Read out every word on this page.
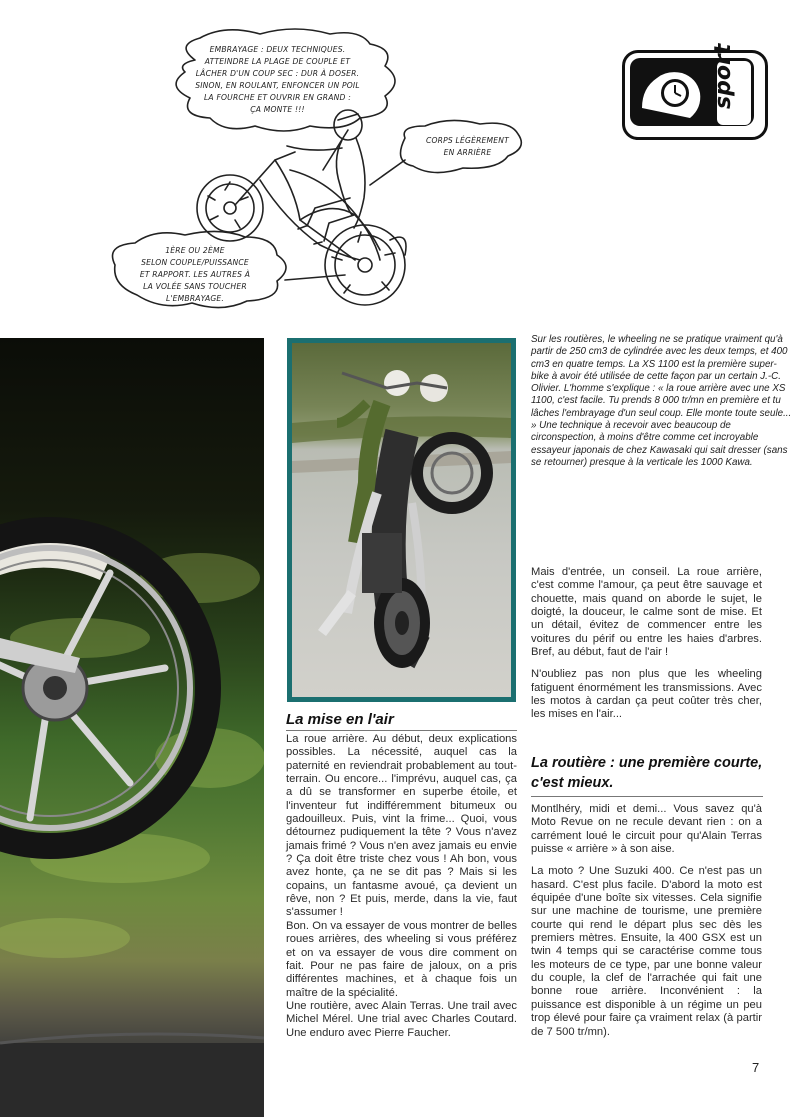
EMBRAYAGE : DEUX TECHNIQUES.
ATTEINDRE LA PLAGE DE COUPLE ET
LÂCHER D'UN COUP SEC : DUR À DOSER.
SINON, EN ROULANT, ENFONCER UN POIL
LA FOURCHE ET OUVRIR EN GRAND :
ÇA MONTE !!!
CORPS LÉGÈREMENT
EN ARRIÈRE
1ÈRE OU 2ÈME
SELON COUPLE/PUISSANCE
ET RAPPORT. LES AUTRES À
LA VOLÉE SANS TOUCHER
L'EMBRAYAGE.
sport
Sur les routières, le wheeling ne se pratique vraiment qu'à partir de 250 cm3 de cylindrée avec les deux temps, et 400 cm3 en quatre temps. La XS 1100 est la première super-bike à avoir été utilisée de cette façon par un certain J.-C. Olivier. L'homme s'explique : « la roue arrière avec une XS 1100, c'est facile. Tu prends 8 000 tr/mn en première et tu lâches l'embrayage d'un seul coup. Elle monte toute seule... » Une technique à recevoir avec beaucoup de circonspection, à moins d'être comme cet incroyable essayeur japonais de chez Kawasaki qui sait dresser (sans se retourner) presque à la verticale les 1000 Kawa.

Mais d'entrée, un conseil. La roue arrière, c'est comme l'amour, ça peut être sauvage et chouette, mais quand on aborde le sujet, le doigté, la douceur, le calme sont de mise. Et un détail, évitez de commencer entre les voitures du périf ou entre les haies d'arbres. Bref, au début, faut de l'air !

N'oubliez pas non plus que les wheeling fatiguent énormément les transmissions. Avec les motos à cardan ça peut coûter très cher, les mises en l'air...

La routière : une première courte, c'est mieux.

Montlhéry, midi et demi... Vous savez qu'à Moto Revue on ne recule devant rien : on a carrément loué le circuit pour qu'Alain Terras puisse « arrière » à son aise.

La moto ? Une Suzuki 400. Ce n'est pas un hasard. C'est plus facile. D'abord la moto est équipée d'une boîte six vitesses. Cela signifie sur une machine de tourisme, une première courte qui rend le départ plus sec dès les premiers mètres. Ensuite, la 400 GSX est un twin 4 temps qui se caractérise comme tous les moteurs de ce type, par une bonne valeur du couple, la clef de l'arrachée qui fait une bonne roue arrière. Inconvénient : la puissance est disponible à un régime un peu trop élevé pour faire ça vraiment relax (à partir de 7 500 tr/mn).

La mise en l'air

La roue arrière. Au début, deux explications possibles. La nécessité, auquel cas la paternité en reviendrait probablement au tout-terrain. Ou encore... l'imprévu, auquel cas, ça a dû se transformer en superbe étoile, et l'inventeur fut indifféremment bitumeux ou gadouilleux. Puis, vint la frime... Quoi, vous détournez pudiquement la tête ? Vous n'avez jamais frimé ? Vous n'en avez jamais eu envie ? Ça doit être triste chez vous ! Ah bon, vous avez honte, ça ne se dit pas ? Mais si les copains, un fantasme avoué, ça devient un rêve, non ? Et puis, merde, dans la vie, faut s'assumer !

Bon. On va essayer de vous montrer de belles roues arrières, des wheeling si vous préférez et on va essayer de vous dire comment on fait. Pour ne pas faire de jaloux, on a pris différentes machines, et à chaque fois un maître de la spécialité.

Une routière, avec Alain Terras. Une trail avec Michel Mérel. Une trial avec Charles Coutard. Une enduro avec Pierre Faucher.

7
